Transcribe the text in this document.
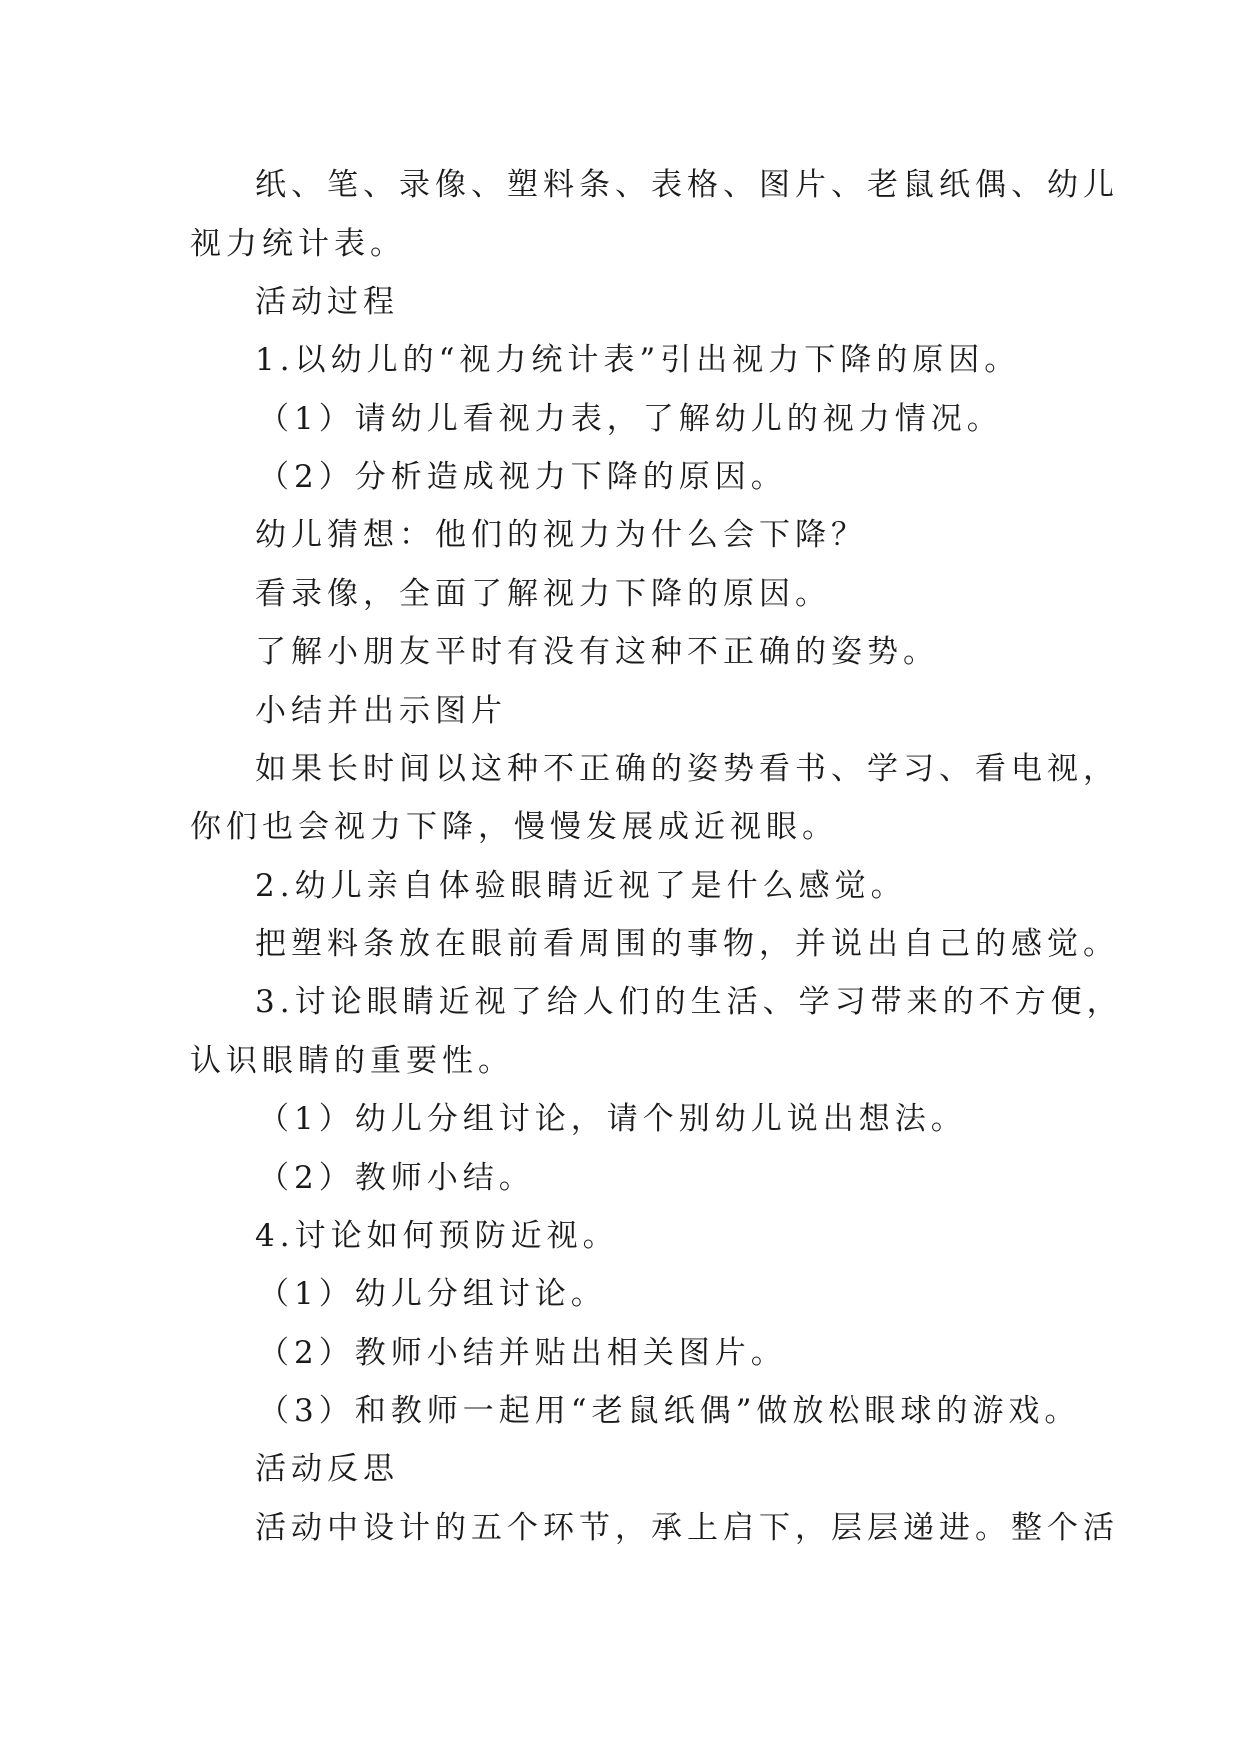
纸、笔、录像、塑料条、表格、图片、老鼠纸偶、幼儿
视力统计表。
活动过程
1.以幼儿的“视力统计表”引出视力下降的原因。
（1）请幼儿看视力表，了解幼儿的视力情况。
（2）分析造成视力下降的原因。
幼儿猜想：他们的视力为什么会下降？
看录像，全面了解视力下降的原因。
了解小朋友平时有没有这种不正确的姿势。
小结并出示图片
如果长时间以这种不正确的姿势看书、学习、看电视，
你们也会视力下降，慢慢发展成近视眼。
2.幼儿亲自体验眼睛近视了是什么感觉。
把塑料条放在眼前看周围的事物，并说出自己的感觉。
3.讨论眼睛近视了给人们的生活、学习带来的不方便，
认识眼睛的重要性。
（1）幼儿分组讨论，请个别幼儿说出想法。
（2）教师小结。
4.讨论如何预防近视。
（1）幼儿分组讨论。
（2）教师小结并贴出相关图片。
（3）和教师一起用“老鼠纸偶”做放松眼球的游戏。
活动反思
活动中设计的五个环节，承上启下，层层递进。整个活
